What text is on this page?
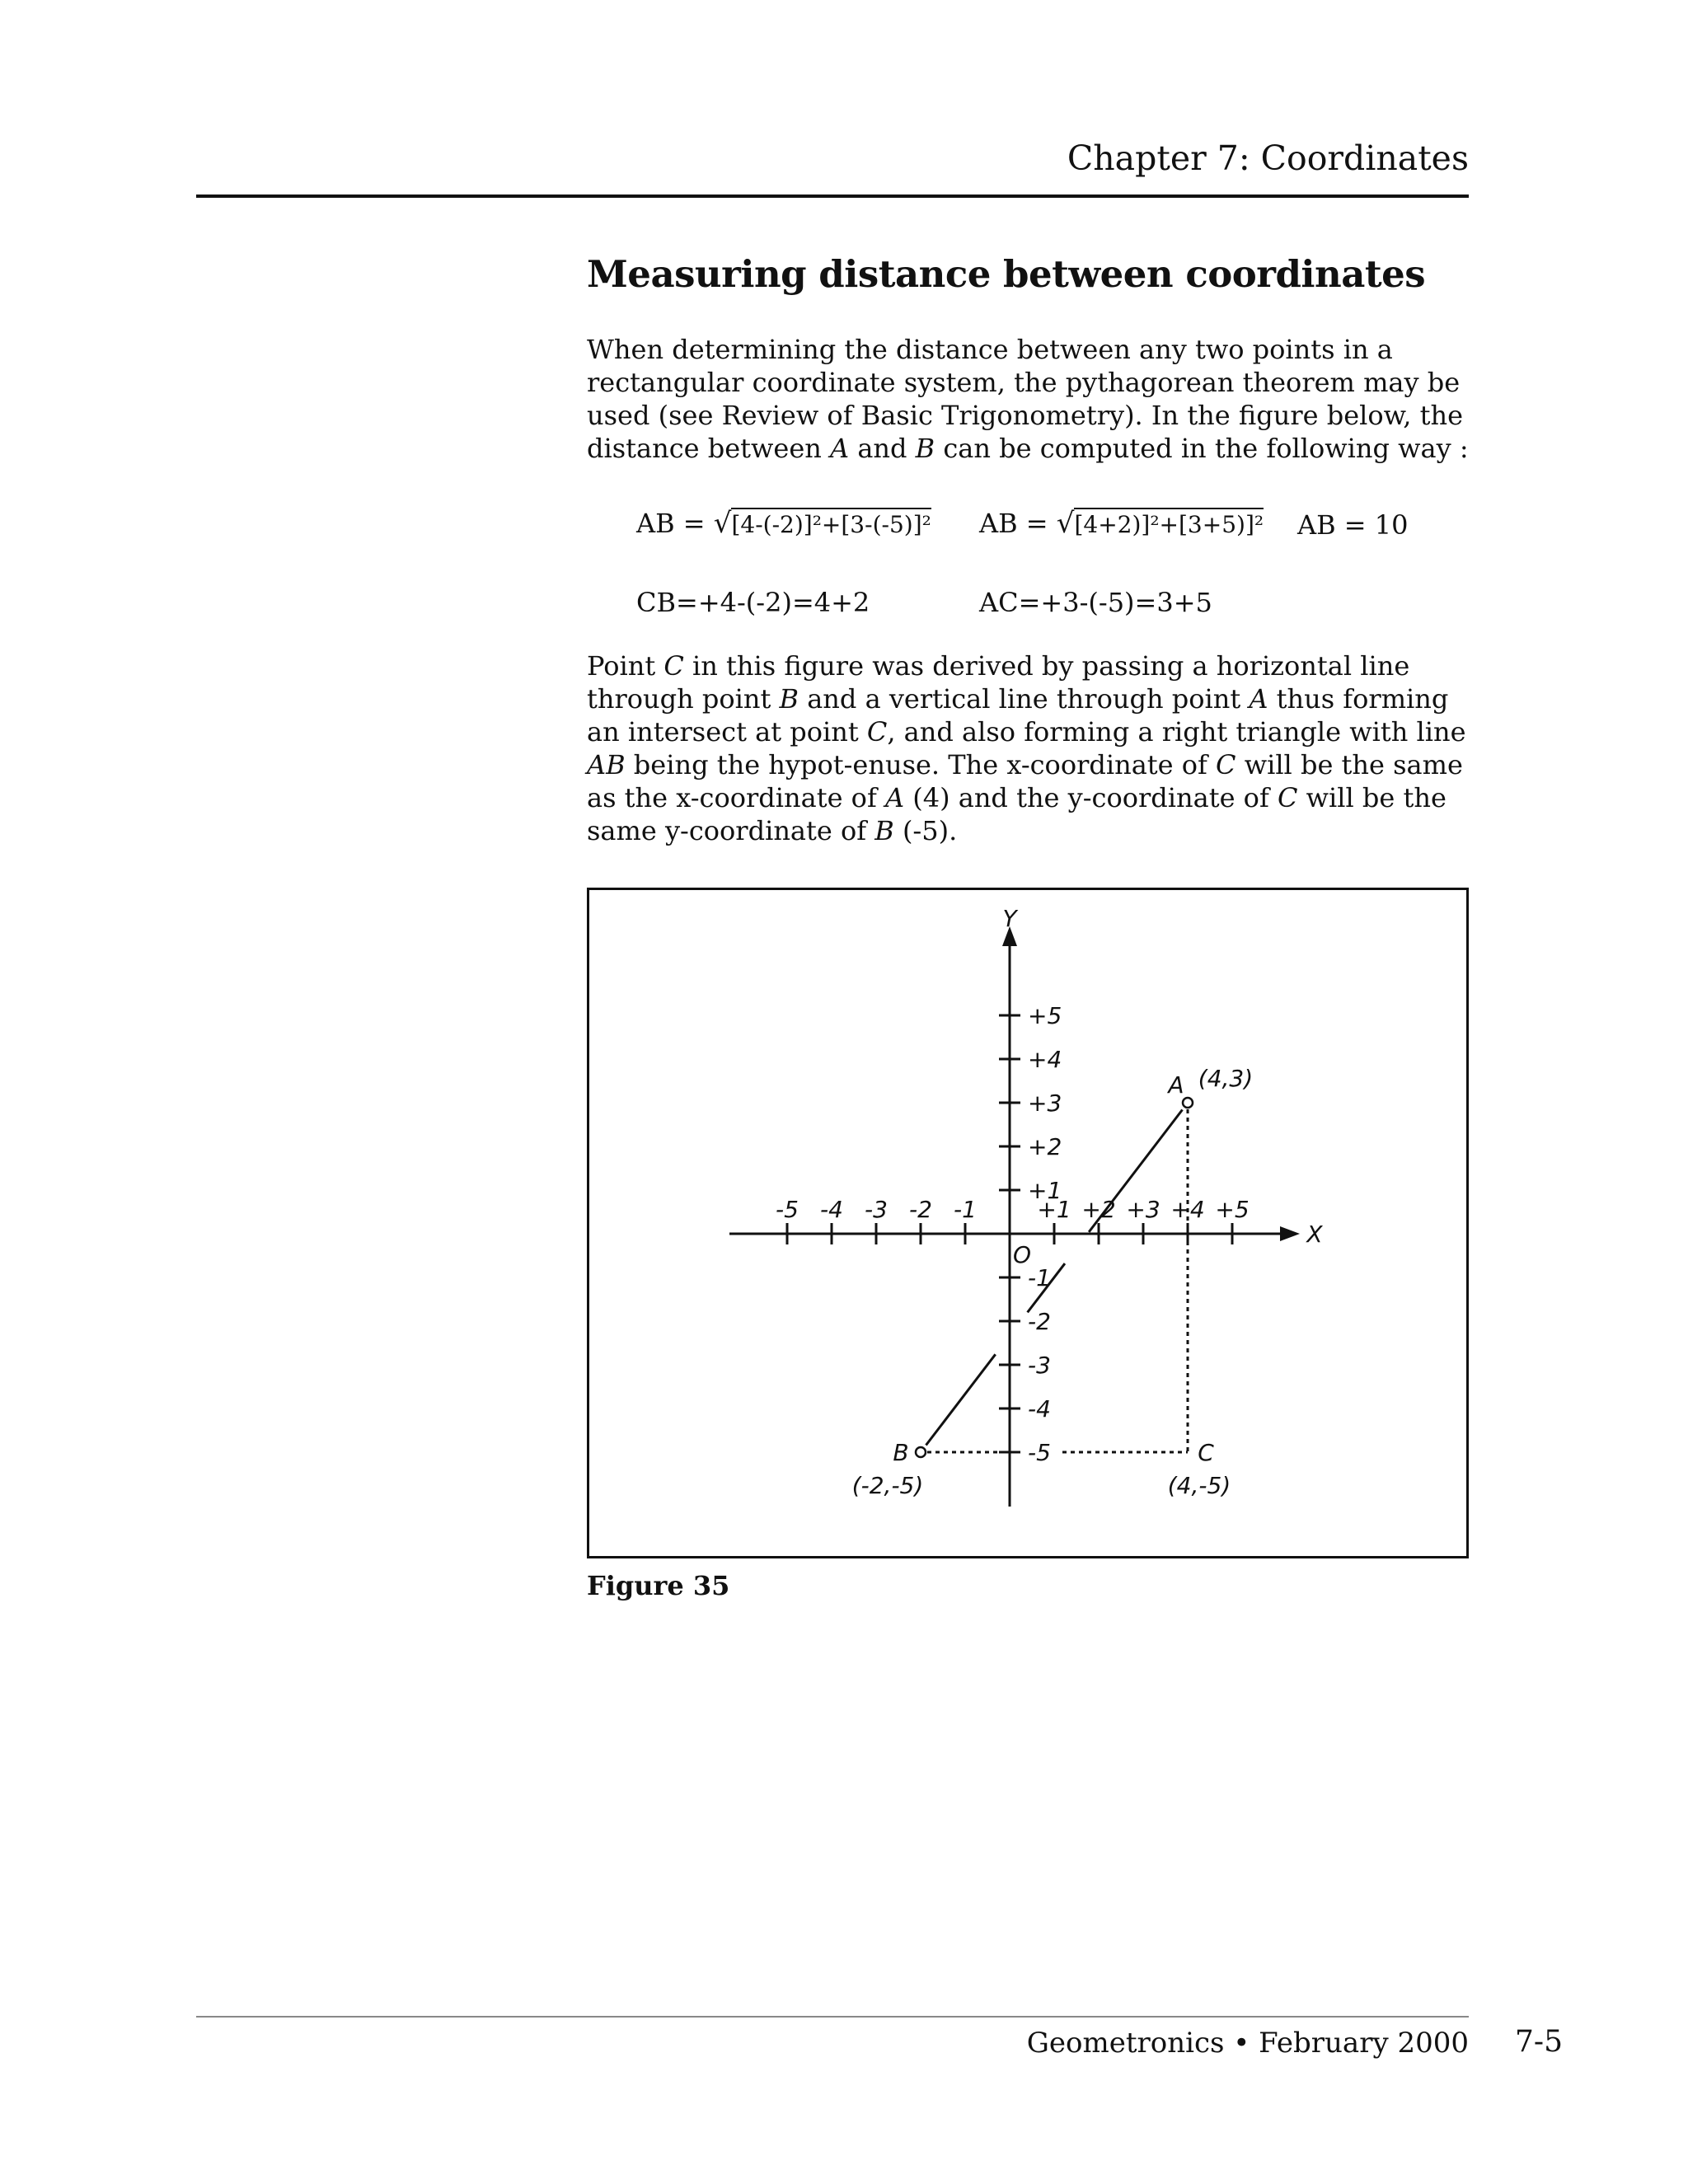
Chapter 7: Coordinates
Measuring distance between coordinates

When determining the distance between any two points in a rectangular coordinate system, the pythagorean theorem may be used (see Review of Basic Trigonometry). In the figure below, the distance between A and B can be computed in the following way :

AB = √[4-(-2)]²+[3-(-5)]² AB = √[4+2)]²+[3+5)]² AB = 10
CB=+4-(-2)=4+2	AC=+3-(-5)=3+5

Point C in this figure was derived by passing a horizontal line through point B and a vertical line through point A thus forming an intersect at point C, and also forming a right triangle with line AB being the hypot-enuse. The x-coordinate of C will be the same as the x-coordinate of A (4) and the y-coordinate of C will be the same y-coordinate of B (-5).

X
Y
O
-5 -4 -3 -2 -1	+1 +2 +3 +4 +5
+5
+4
+3
+2
+1
-1
-2
-3
-4
-5
A (4,3)
B
(-2,-5)
C
(4,-5)
Figure 35
Geometronics • February 2000 7-5
